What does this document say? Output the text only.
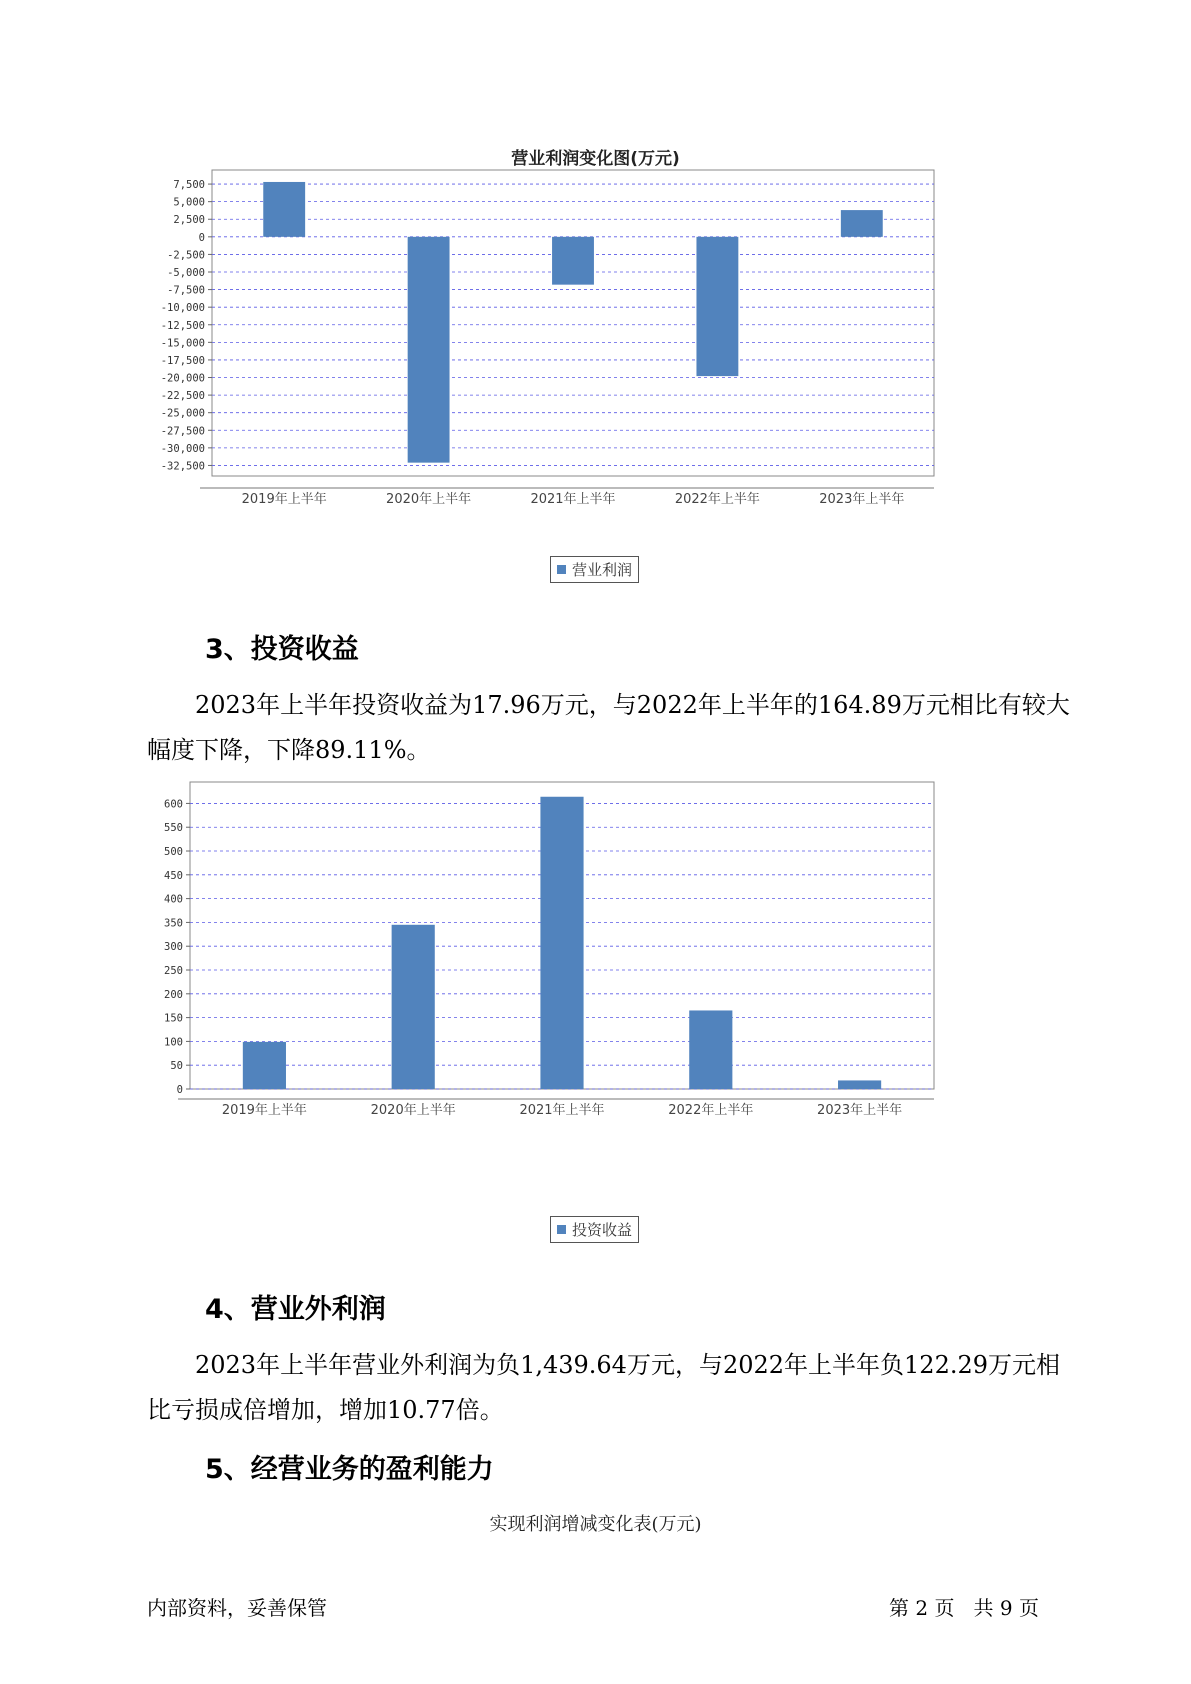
营业利润变化图(万元)
7,500
5,000
2,500
0
-2,500
-5,000
-7,500
-10,000
-12,500
-15,000
-17,500
-20,000
-22,500
-25,000
-27,500
-30,000
-32,500
2019年上半年	2020年上半年	2021年上半年	2022年上半年	2023年上半年
营业利润
3、投资收益
2023年上半年投资收益为17.96万元，与2022年上半年的164.89万元相比有较大幅度下降，下降89.11%。
600
550
500
450
400
350
300
250
200
150
100
50
0
2019年上半年	2020年上半年	2021年上半年	2022年上半年	2023年上半年
投资收益
4、营业外利润
2023年上半年营业外利润为负1,439.64万元，与2022年上半年负122.29万元相比亏损成倍增加，增加10.77倍。
5、经营业务的盈利能力
实现利润增减变化表(万元)
内部资料，妥善保管	第 2 页   共 9 页
